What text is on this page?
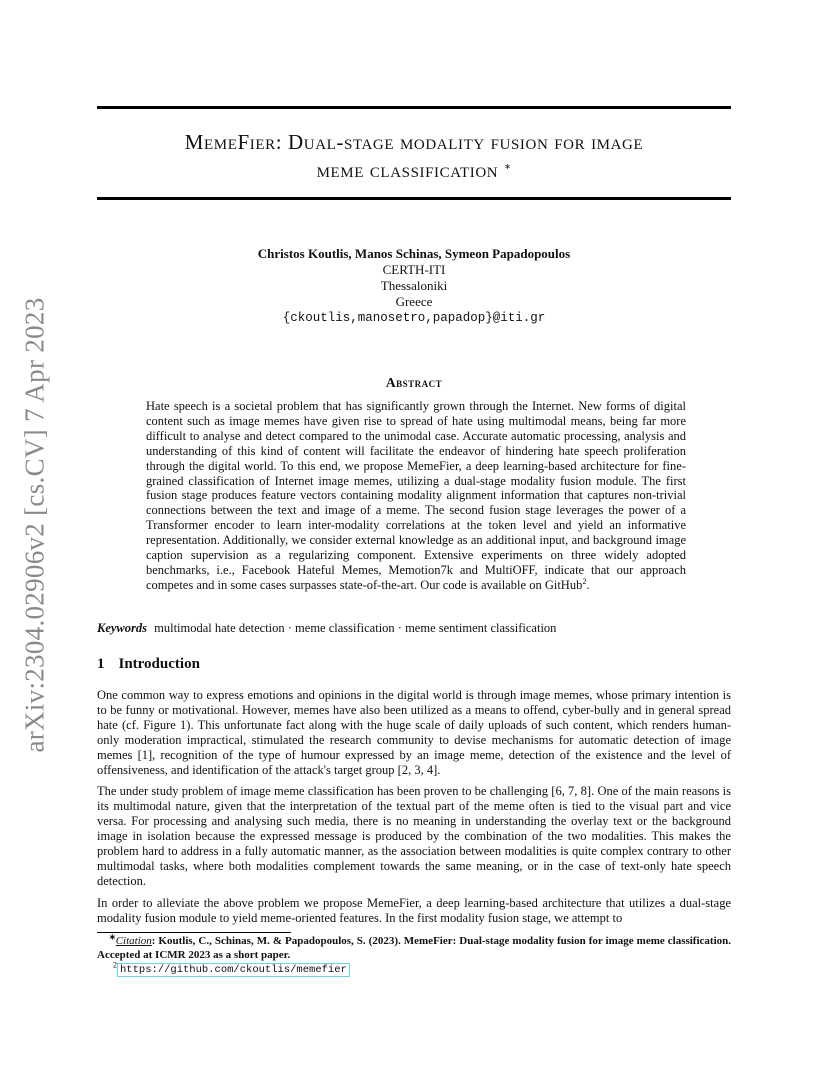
arXiv:2304.02906v2 [cs.CV] 7 Apr 2023
MemeFier: Dual-stage modality fusion for image
meme classification ∗
Christos Koutlis, Manos Schinas, Symeon Papadopoulos
CERTH-ITI
Thessaloniki
Greece
{ckoutlis,manosetro,papadop}@iti.gr
Abstract
Hate speech is a societal problem that has significantly grown through the Internet. New forms of digital content such as image memes have given rise to spread of hate using multimodal means, being far more difficult to analyse and detect compared to the unimodal case. Accurate automatic processing, analysis and understanding of this kind of content will facilitate the endeavor of hindering hate speech proliferation through the digital world. To this end, we propose MemeFier, a deep learning-based architecture for fine-grained classification of Internet image memes, utilizing a dual-stage modality fusion module. The first fusion stage produces feature vectors containing modality alignment information that captures non-trivial connections between the text and image of a meme. The second fusion stage leverages the power of a Transformer encoder to learn inter-modality correlations at the token level and yield an informative representation. Additionally, we consider external knowledge as an additional input, and background image caption supervision as a regularizing component. Extensive experiments on three widely adopted benchmarks, i.e., Facebook Hateful Memes, Memotion7k and MultiOFF, indicate that our approach competes and in some cases surpasses state-of-the-art. Our code is available on GitHub$^2$.
Keywords multimodal hate detection · meme classification · meme sentiment classification
1 Introduction

One common way to express emotions and opinions in the digital world is through image memes, whose primary intention is to be funny or motivational. However, memes have also been utilized as a means to offend, cyber-bully and in general spread hate (cf. Figure 1). This unfortunate fact along with the huge scale of daily uploads of such content, which renders human-only moderation impractical, stimulated the research community to devise mechanisms for automatic detection of image memes [1], recognition of the type of humour expressed by an image meme, detection of the existence and the level of offensiveness, and identification of the attack's target group [2, 3, 4].

The under study problem of image meme classification has been proven to be challenging [6, 7, 8]. One of the main reasons is its multimodal nature, given that the interpretation of the textual part of the meme often is tied to the visual part and vice versa. For processing and analysing such media, there is no meaning in understanding the overlay text or the background image in isolation because the expressed message is produced by the combination of the two modalities. This makes the problem hard to address in a fully automatic manner, as the association between modalities is quite complex contrary to other multimodal tasks, where both modalities complement towards the same meaning, or in the case of text-only hate speech detection.

In order to alleviate the above problem we propose MemeFier, a deep learning-based architecture that utilizes a dual-stage modality fusion module to yield meme-oriented features. In the first modality fusion stage, we attempt to

∗Citation: Koutlis, C., Schinas, M. & Papadopoulos, S. (2023). MemeFier: Dual-stage modality fusion for image meme classification. Accepted at ICMR 2023 as a short paper.
$^2$ https://github.com/ckoutlis/memefier
